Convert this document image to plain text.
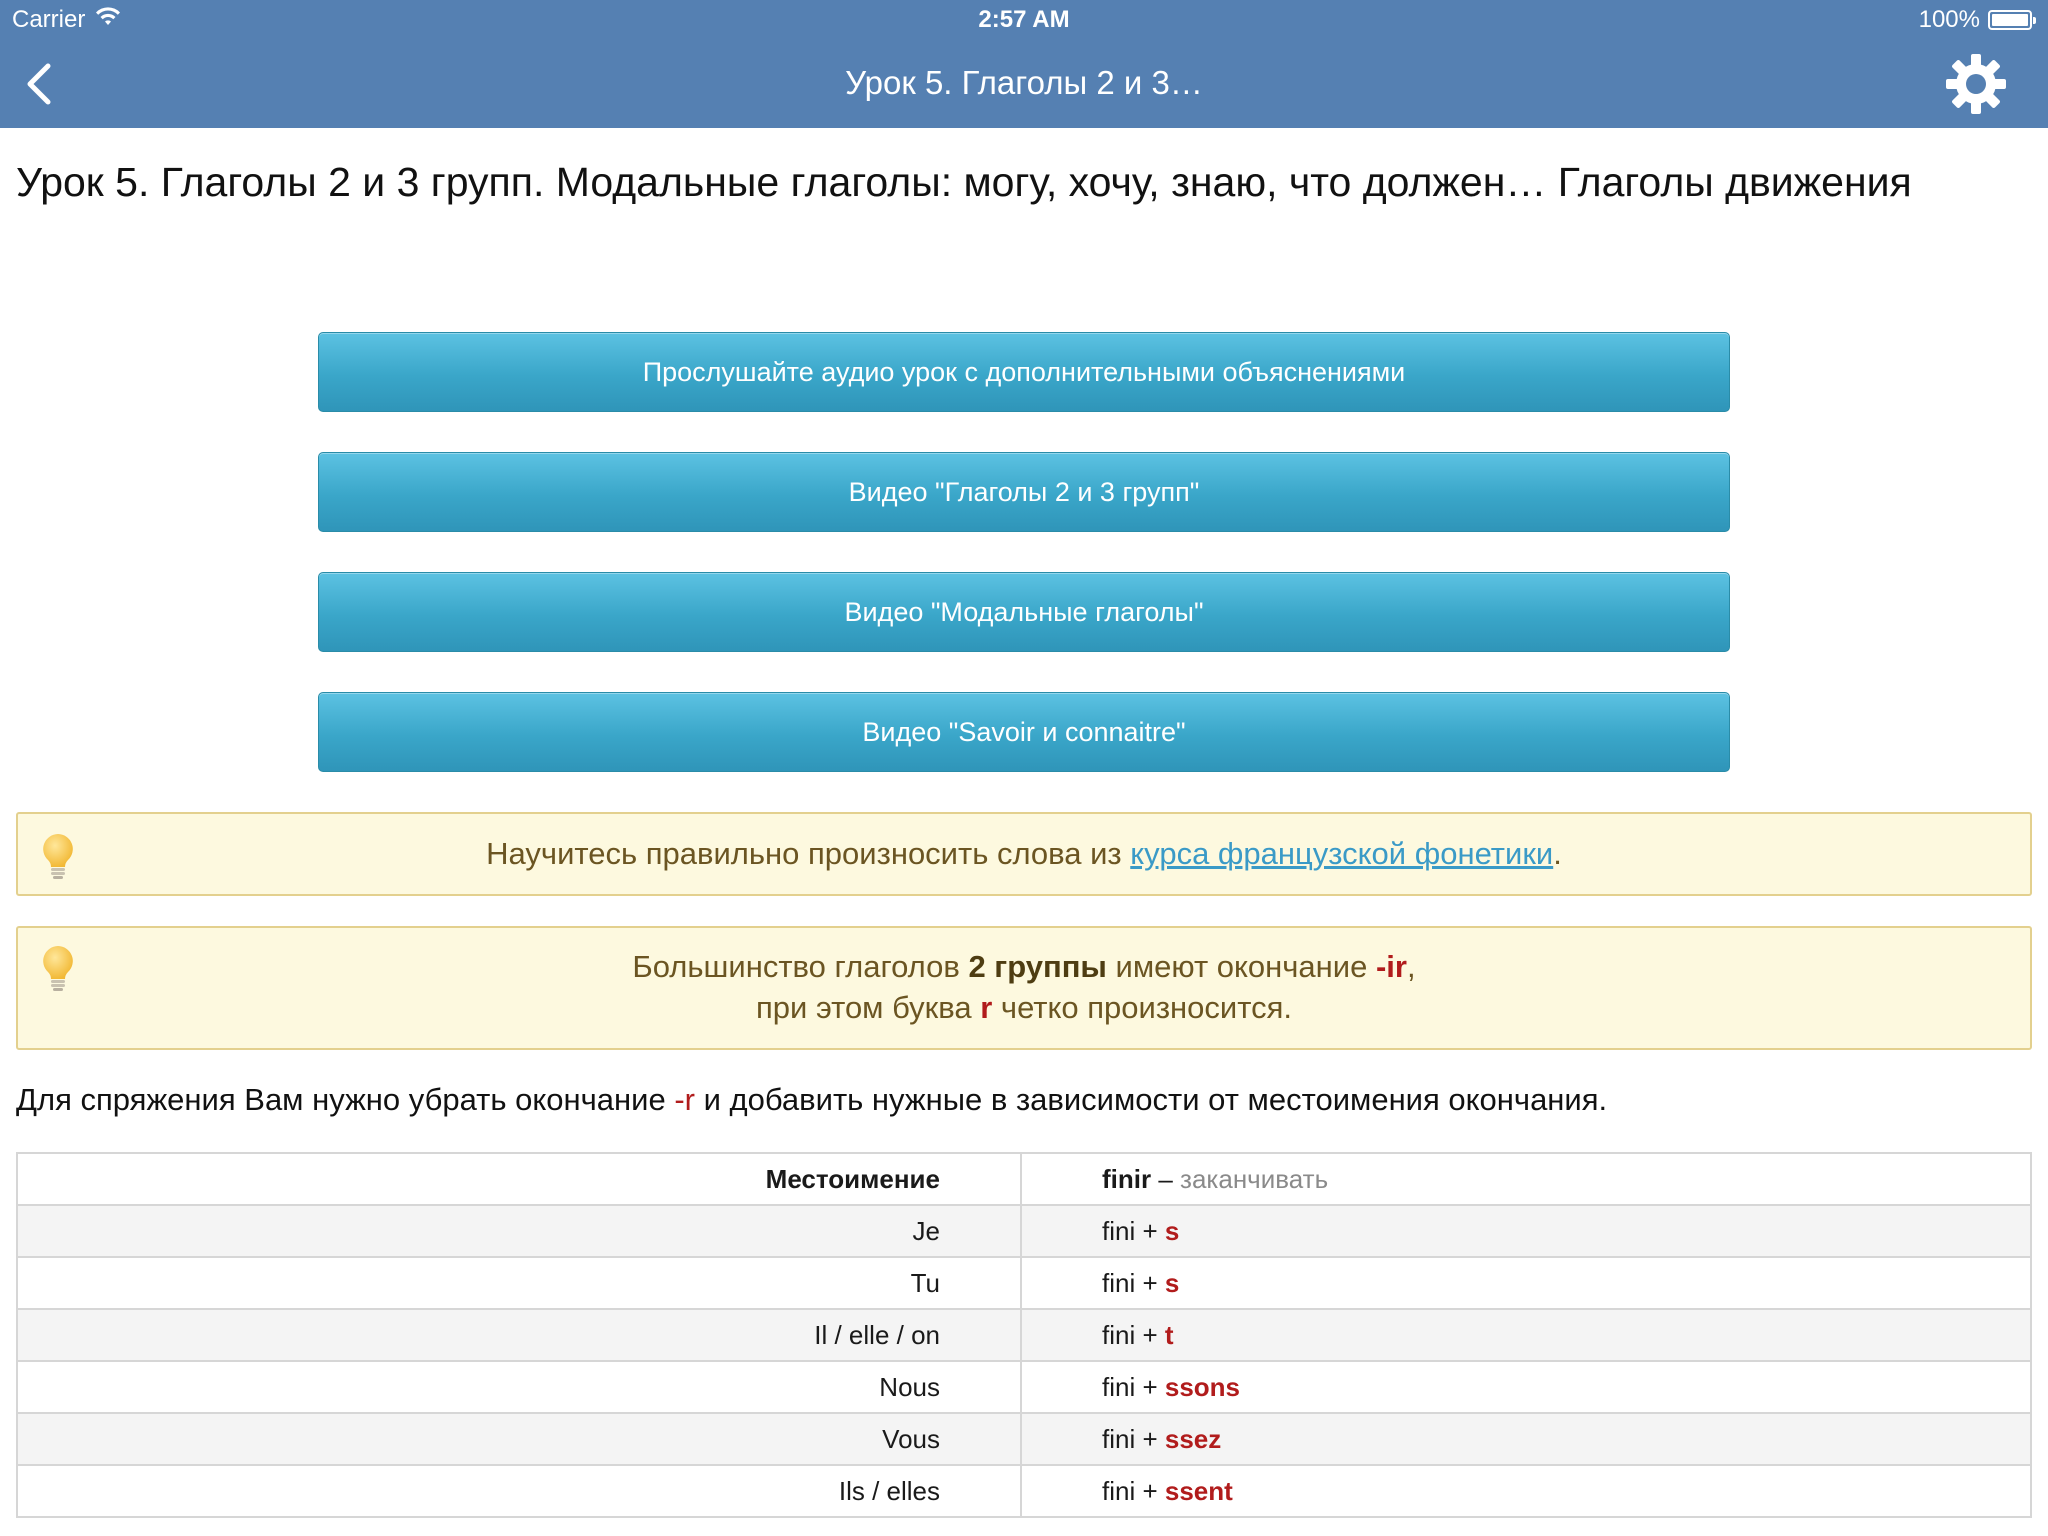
Carrier	2:57 AM	100%
Урок 5. Глаголы 2 и 3…
Урок 5. Глаголы 2 и 3 групп. Модальные глаголы: могу, хочу, знаю, что должен… Глаголы движения
Прослушайте аудио урок с дополнительными объяснениями
Видео "Глаголы 2 и 3 групп"
Видео "Модальные глаголы"
Видео "Savoir и connaitre"
Научитесь правильно произносить слова из курса французской фонетики.
Большинство глаголов 2 группы имеют окончание -ir,
при этом буква r четко произносится.
Для спряжения Вам нужно убрать окончание -r и добавить нужные в зависимости от местоимения окончания.
Местоимение	finir – заканчивать
Je	fini + s
Tu	fini + s
Il / elle / on	fini + t
Nous	fini + ssons
Vous	fini + ssez
Ils / elles	fini + ssent
